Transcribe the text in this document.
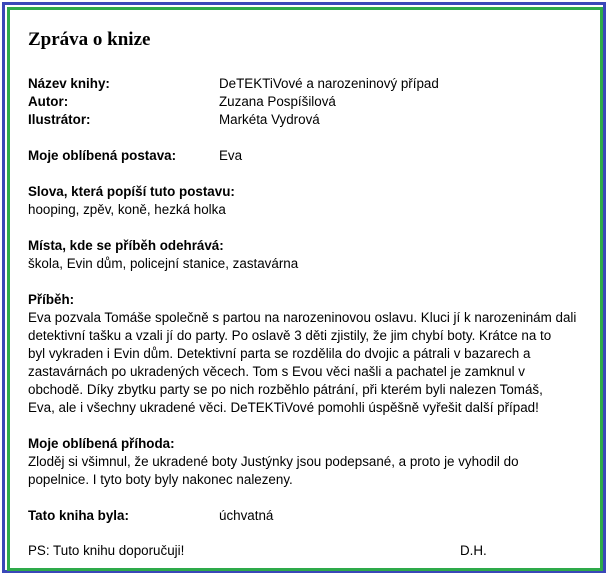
Zpráva o knize
Název knihy:	DeTEKTiVové a narozeninový případ
Autor:	Zuzana Pospíšilová
Ilustrátor:	Markéta Vydrová
Moje oblíbená postava:	Eva
Slova, která popíší tuto postavu:
hooping, zpěv, koně, hezká holka
Místa, kde se příběh odehrává:
škola, Evin dům, policejní stanice, zastavárna
Příběh:
Eva pozvala Tomáše společně s partou na narozeninovou oslavu. Kluci jí k narozeninám dali
detektivní tašku a vzali jí do party. Po oslavě 3 děti zjistily, že jim chybí boty. Krátce na to
byl vykraden i Evin dům. Detektivní parta se rozdělila do dvojic a pátrali v bazarech a
zastavárnách po ukradených věcech. Tom s Evou věci našli a pachatel je zamknul v
obchodě. Díky zbytku party se po nich rozběhlo pátrání, při kterém byli nalezen Tomáš,
Eva, ale i všechny ukradené věci. DeTEKTiVové pomohli úspěšně vyřešit další případ!
Moje oblíbená příhoda:
Zloděj si všimnul, že ukradené boty Justýnky jsou podepsané, a proto je vyhodil do
popelnice. I tyto boty byly nakonec nalezeny.
Tato kniha byla:	úchvatná
PS: Tuto knihu doporučuji!	D.H.
